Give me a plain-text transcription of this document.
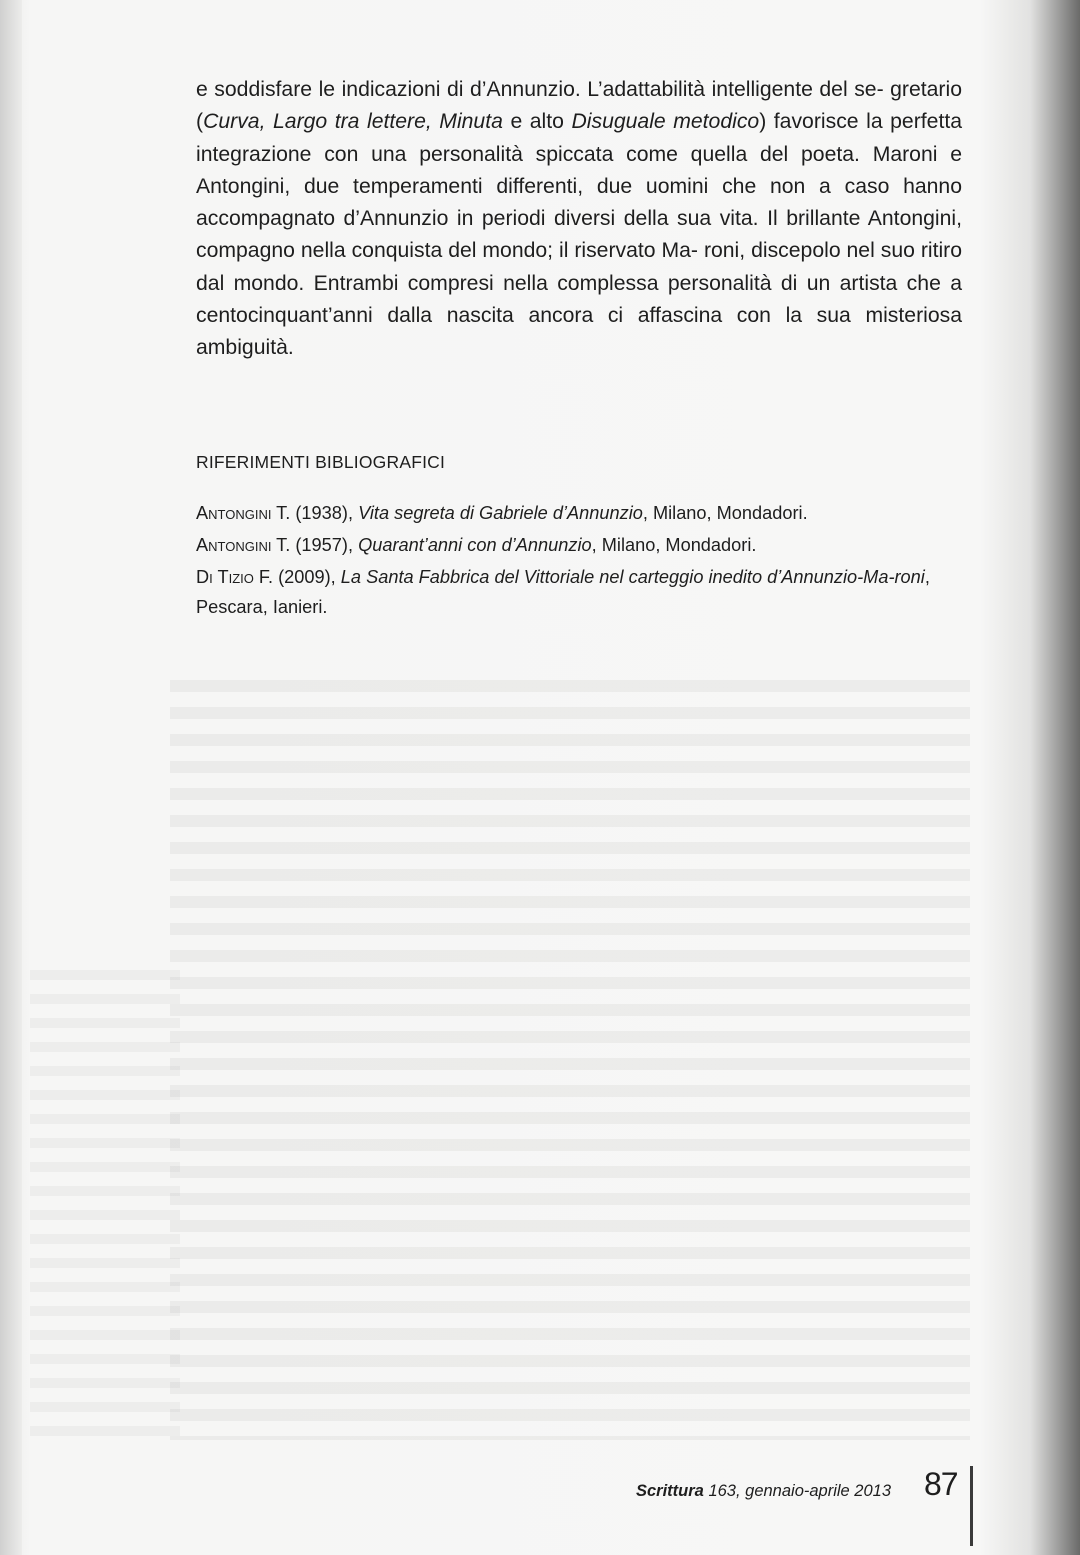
e soddisfare le indicazioni di d’Annunzio. L’adattabilità intelligente del se- gretario (Curva, Largo tra lettere, Minuta e alto Disuguale metodico) favorisce la perfetta integrazione con una personalità spiccata come quella del poeta. Maroni e Antongini, due temperamenti differenti, due uomini che non a caso hanno accompagnato d’Annunzio in periodi diversi della sua vita. Il brillante Antongini, compagno nella conquista del mondo; il riservato Ma- roni, discepolo nel suo ritiro dal mondo. Entrambi compresi nella complessa personalità di un artista che a centocinquant’anni dalla nascita ancora ci affascina con la sua misteriosa ambiguità.

RIFERIMENTI BIBLIOGRAFICI
Antongini T. (1938), Vita segreta di Gabriele d’Annunzio, Milano, Mondadori.
Antongini T. (1957), Quarant’anni con d’Annunzio, Milano, Mondadori.
Di Tizio F. (2009), La Santa Fabbrica del Vittoriale nel carteggio inedito d’Annunzio-Ma-roni, Pescara, Ianieri.
Scrittura 163, gennaio-aprile 2013 87
